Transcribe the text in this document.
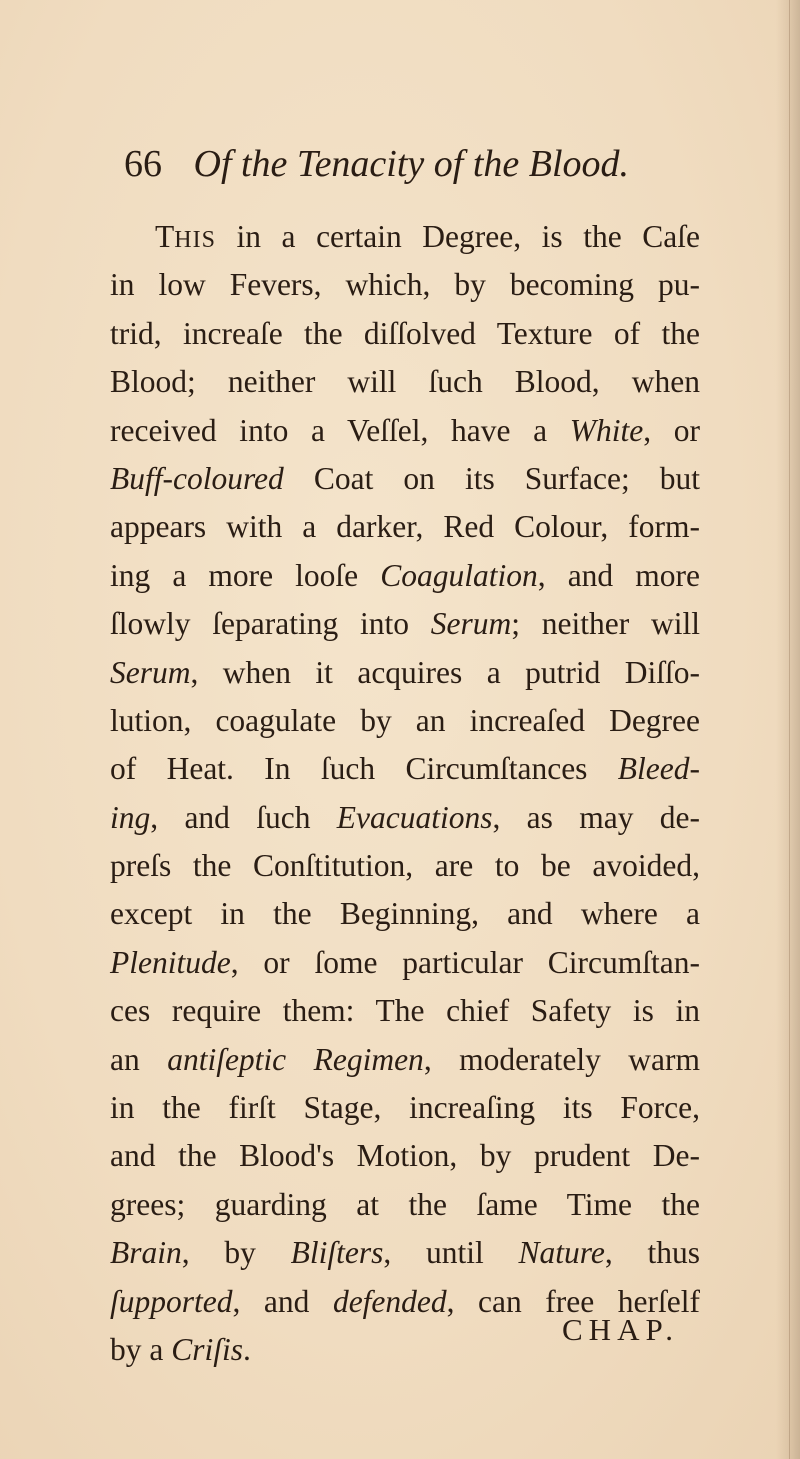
66 Of the Tenacity of the Blood.
THIS in a certain Degree, is the Caſe
in low Fevers, which, by becoming pu-
trid, increaſe the diſſolved Texture of the
Blood; neither will ſuch Blood, when
received into a Veſſel, have a White, or
Buff-coloured Coat on its Surface; but
appears with a darker, Red Colour, form-
ing a more looſe Coagulation, and more
ſlowly ſeparating into Serum; neither will
Serum, when it acquires a putrid Diſſo-
lution, coagulate by an increaſed Degree
of Heat. In ſuch Circumſtances Bleed-
ing, and ſuch Evacuations, as may de-
preſs the Conſtitution, are to be avoided,
except in the Beginning, and where a
Plenitude, or ſome particular Circumſtan-
ces require them: The chief Safety is in
an antiſeptic Regimen, moderately warm
in the firſt Stage, increaſing its Force,
and the Blood's Motion, by prudent De-
grees; guarding at the ſame Time the
Brain, by Bliſters, until Nature, thus
ſupported, and defended, can free herſelf
by a Criſis.
CHAP.
